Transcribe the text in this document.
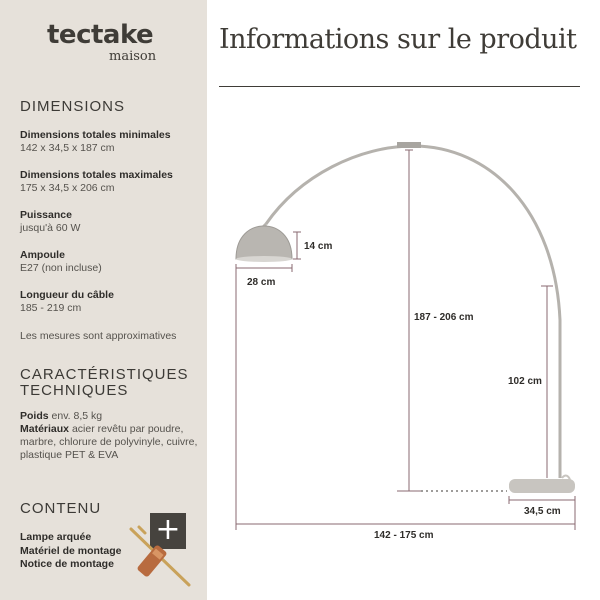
tectake
maison
DIMENSIONS
Dimensions totales minimales
142 x 34,5 x 187 cm
Dimensions totales maximales
175 x 34,5 x 206 cm
Puissance
jusqu'à 60 W
Ampoule
E27 (non incluse)
Longueur du câble
185 - 219 cm
Les mesures sont approximatives
CARACTÉRISTIQUES
TECHNIQUES
Poids env. 8,5 kg
Matériaux acier revêtu par poudre, marbre, chlorure de polyvinyle, cuivre, plastique PET & EVA
CONTENU
Lampe arquée
Matériel de montage
Notice de montage
+
Informations sur le produit
14 cm
28 cm
187 - 206 cm
102 cm
34,5 cm
142 - 175 cm
